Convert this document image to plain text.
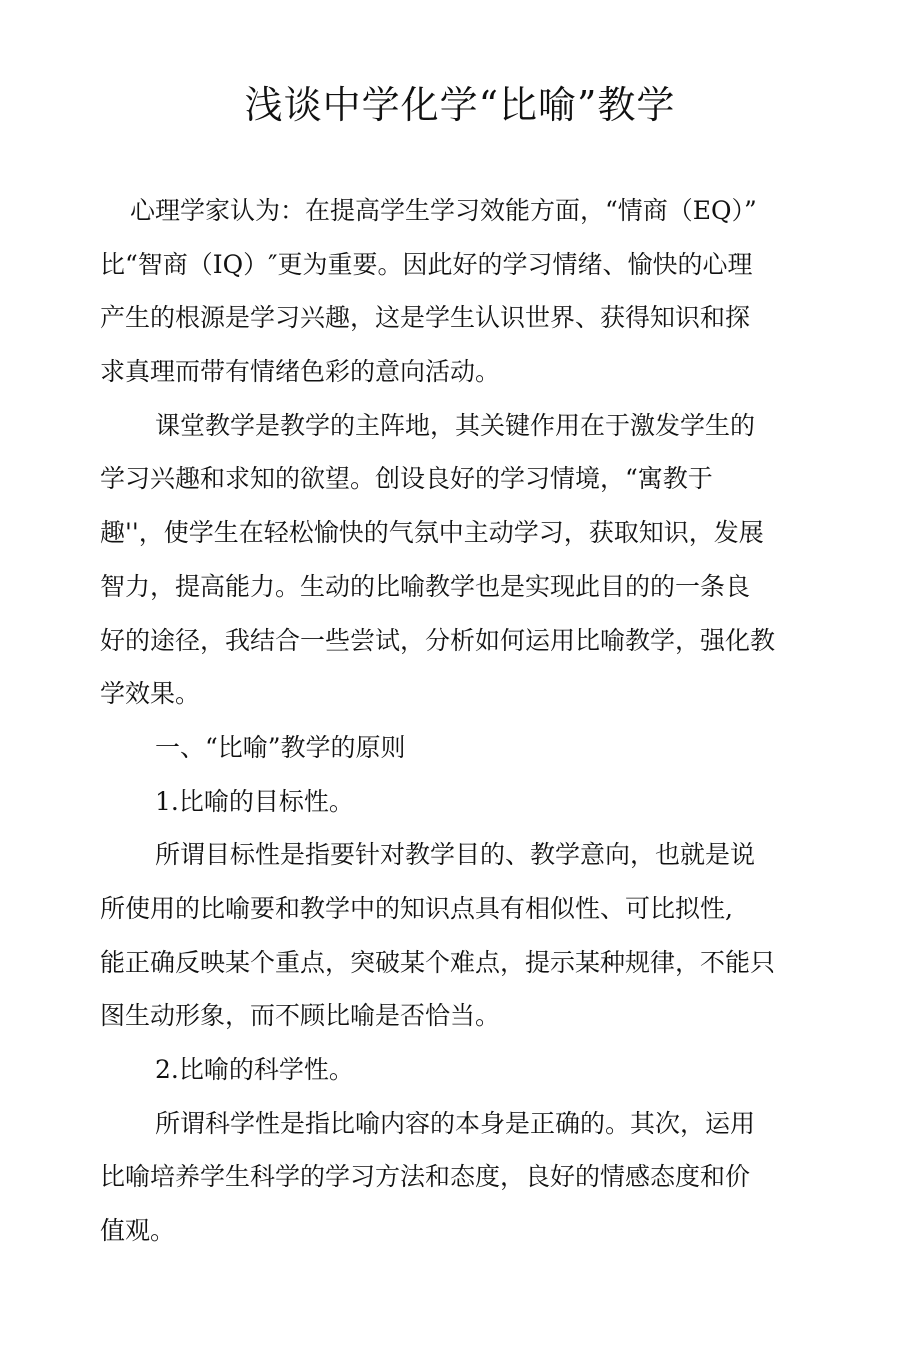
浅谈中学化学“比喻”教学
心理学家认为：在提高学生学习效能方面，“情商（EQ）”
比“智商（IQ）″更为重要。因此好的学习情绪、愉快的心理
产生的根源是学习兴趣，这是学生认识世界、获得知识和探
求真理而带有情绪色彩的意向活动。
课堂教学是教学的主阵地，其关键作用在于激发学生的
学习兴趣和求知的欲望。创设良好的学习情境，“寓教于
趣''，使学生在轻松愉快的气氛中主动学习，获取知识，发展
智力，提高能力。生动的比喻教学也是实现此目的的一条良
好的途径，我结合一些尝试，分析如何运用比喻教学，强化教
学效果。
一、“比喻”教学的原则
1.比喻的目标性。
所谓目标性是指要针对教学目的、教学意向，也就是说
所使用的比喻要和教学中的知识点具有相似性、可比拟性,
能正确反映某个重点，突破某个难点，提示某种规律，不能只
图生动形象，而不顾比喻是否恰当。
2.比喻的科学性。
所谓科学性是指比喻内容的本身是正确的。其次，运用
比喻培养学生科学的学习方法和态度，良好的情感态度和价
值观。
